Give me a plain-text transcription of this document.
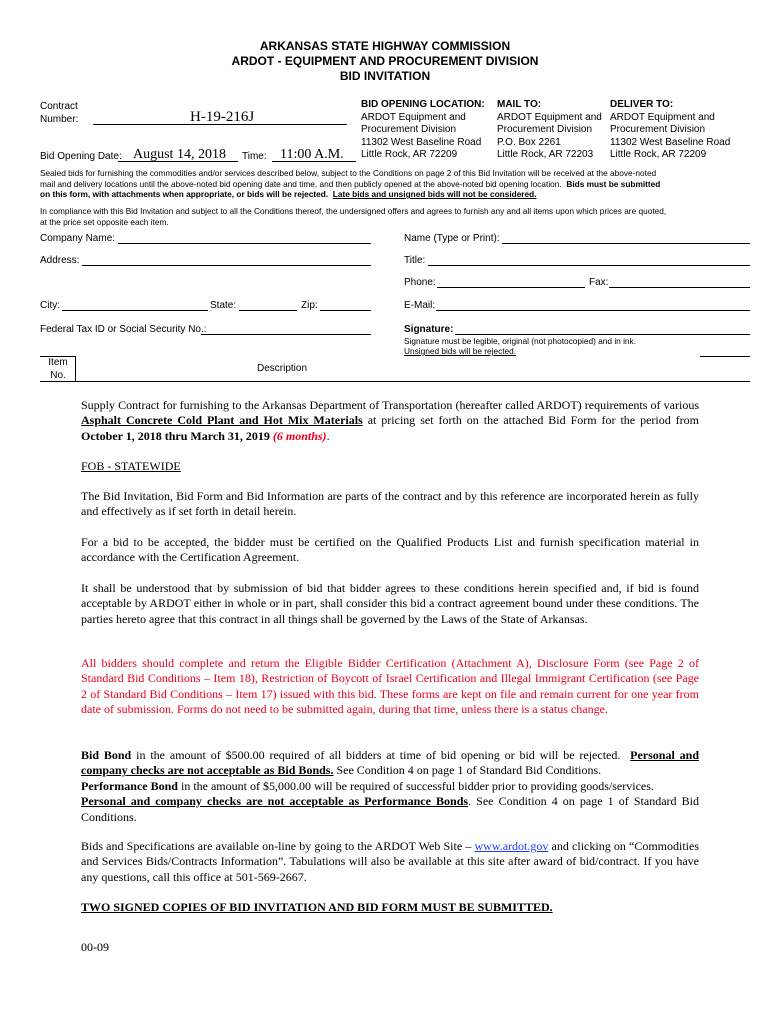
ARKANSAS STATE HIGHWAY COMMISSION
ARDOT - EQUIPMENT AND PROCUREMENT DIVISION
BID INVITATION
Contract
Number:	H-19-216J
Bid Opening Date: August 14, 2018 Time: 11:00 A.M.
BID OPENING LOCATION:
ARDOT Equipment and
Procurement Division
11302 West Baseline Road
Little Rock, AR 72209
MAIL TO:
ARDOT Equipment and
Procurement Division
P.O. Box 2261
Little Rock, AR 72203
DELIVER TO:
ARDOT Equipment and
Procurement Division
11302 West Baseline Road
Little Rock, AR 72209
Sealed bids for furnishing the commodities and/or services described below, subject to the Conditions on page 2 of this Bid Invitation will be received at the above-noted
mail and delivery locations until the above-noted bid opening date and time, and then publicly opened at the above-noted bid opening location. Bids must be submitted
on this form, with attachments when appropriate, or bids will be rejected. Late bids and unsigned bids will not be considered.
In compliance with this Bid Invitation and subject to all the Conditions thereof, the undersigned offers and agrees to furnish any and all items upon which prices are quoted,
at the price set opposite each item.
Company Name:	Name (Type or Print):
Address:	Title:
Phone:	Fax:
City:	State:	Zip:	E-Mail:
Federal Tax ID or Social Security No.:	Signature:
Signature must be legible, original (not photocopied) and in ink.
Unsigned bids will be rejected.
Item
No.
Description
Supply Contract for furnishing to the Arkansas Department of Transportation (hereafter called ARDOT) requirements of various Asphalt Concrete Cold Plant and Hot Mix Materials at pricing set forth on the attached Bid Form for the period from October 1, 2018 thru March 31, 2019 (6 months).
FOB - STATEWIDE
The Bid Invitation, Bid Form and Bid Information are parts of the contract and by this reference are incorporated herein as fully and effectively as if set forth in detail herein.
For a bid to be accepted, the bidder must be certified on the Qualified Products List and furnish specification material in accordance with the Certification Agreement.
It shall be understood that by submission of bid that bidder agrees to these conditions herein specified and, if bid is found acceptable by ARDOT either in whole or in part, shall consider this bid a contract agreement bound under these conditions. The parties hereto agree that this contract in all things shall be governed by the Laws of the State of Arkansas.
All bidders should complete and return the Eligible Bidder Certification (Attachment A), Disclosure Form (see Page 2 of Standard Bid Conditions – Item 18), Restriction of Boycott of Israel Certification and Illegal Immigrant Certification (see Page 2 of Standard Bid Conditions – Item 17) issued with this bid. These forms are kept on file and remain current for one year from date of submission. Forms do not need to be submitted again, during that time, unless there is a status change.
Bid Bond in the amount of $500.00 required of all bidders at time of bid opening or bid will be rejected. Personal and company checks are not acceptable as Bid Bonds. See Condition 4 on page 1 of Standard Bid Conditions.
Performance Bond in the amount of $5,000.00 will be required of successful bidder prior to providing goods/services.
Personal and company checks are not acceptable as Performance Bonds. See Condition 4 on page 1 of Standard Bid Conditions.
Bids and Specifications are available on-line by going to the ARDOT Web Site – www.ardot.gov and clicking on “Commodities and Services Bids/Contracts Information”. Tabulations will also be available at this site after award of bid/contract. If you have any questions, call this office at 501-569-2667.
TWO SIGNED COPIES OF BID INVITATION AND BID FORM MUST BE SUBMITTED.
00-09
